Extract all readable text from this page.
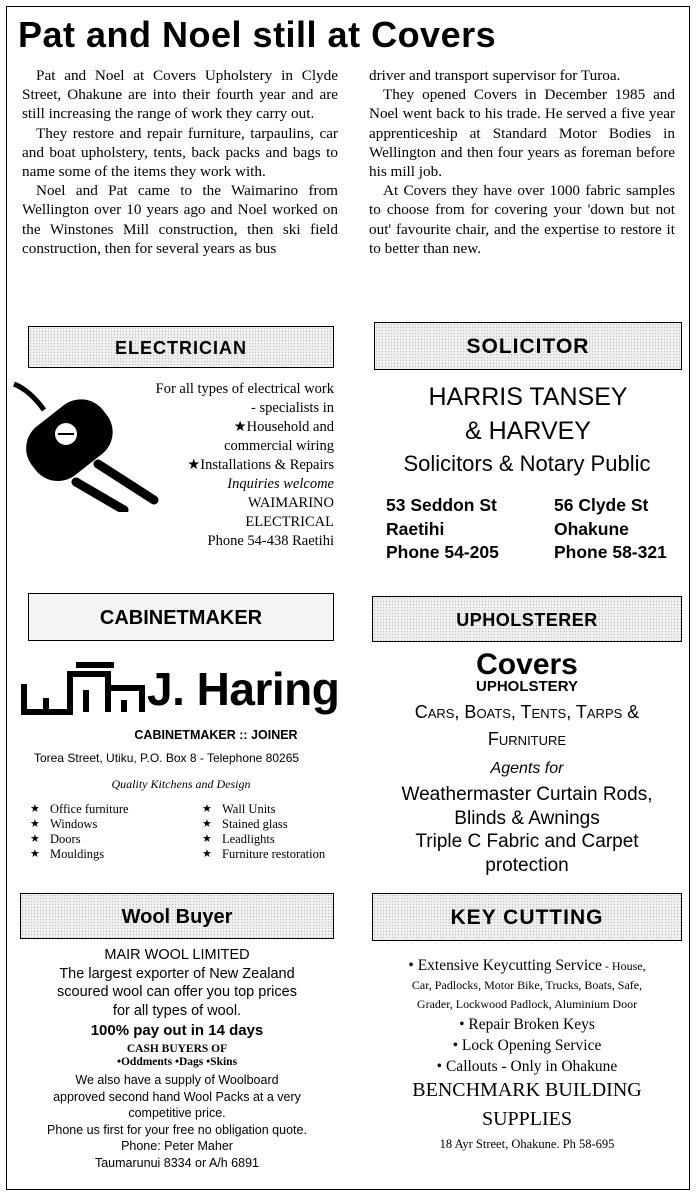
Pat and Noel still at Covers

Pat and Noel at Covers Upholstery in Clyde Street, Ohakune are into their fourth year and are still increasing the range of work they carry out.

They restore and repair furniture, tarpaulins, car and boat upholstery, tents, back packs and bags to name some of the items they work with.

Noel and Pat came to the Waimarino from Wellington over 10 years ago and Noel worked on the Winstones Mill construction, then ski field construction, then for several years as bus

driver and transport supervisor for Turoa.

They opened Covers in December 1985 and Noel went back to his trade. He served a five year apprenticeship at Standard Motor Bodies in Wellington and then four years as foreman before his mill job.

At Covers they have over 1000 fabric samples to choose from for covering your 'down but not out' favourite chair, and the expertise to restore it to better than new.

ELECTRICIAN
For all types of electrical work
- specialists in
★Household and
commercial wiring
★Installations & Repairs
Inquiries welcome
WAIMARINO
ELECTRICAL
Phone 54-438 Raetihi
SOLICITOR
HARRIS TANSEY
& HARVEY
Solicitors & Notary Public
53 Seddon St
Raetihi
Phone 54-205
56 Clyde St
Ohakune
Phone 58-321
CABINETMAKER
J. Haring
CABINETMAKER :: JOINER
Torea Street, Utiku, P.O. Box 8 - Telephone 80265
Quality Kitchens and Design
★ Office furniture
★ Windows
★ Doors
★ Mouldings
★ Wall Units
★ Stained glass
★ Leadlights
★ Furniture restoration
UPHOLSTERER
Covers
UPHOLSTERY
Cars, Boats, Tents, Tarps &
Furniture
Agents for
Weathermaster Curtain Rods,
Blinds & Awnings
Triple C Fabric and Carpet
protection
Wool Buyer
MAIR WOOL LIMITED
The largest exporter of New Zealand
scoured wool can offer you top prices
for all types of wool.
100% pay out in 14 days
CASH BUYERS OF
•Oddments •Dags •Skins
We also have a supply of Woolboard
approved second hand Wool Packs at a very
competitive price.
Phone us first for your free no obligation quote.
Phone: Peter Maher
Taumarunui 8334 or A/h 6891
KEY CUTTING
• Extensive Keycutting Service - House,
Car, Padlocks, Motor Bike, Trucks, Boats, Safe,
Grader, Lockwood Padlock, Aluminium Door
• Repair Broken Keys
• Lock Opening Service
• Callouts - Only in Ohakune
BENCHMARK BUILDING
SUPPLIES
18 Ayr Street, Ohakune. Ph 58-695
